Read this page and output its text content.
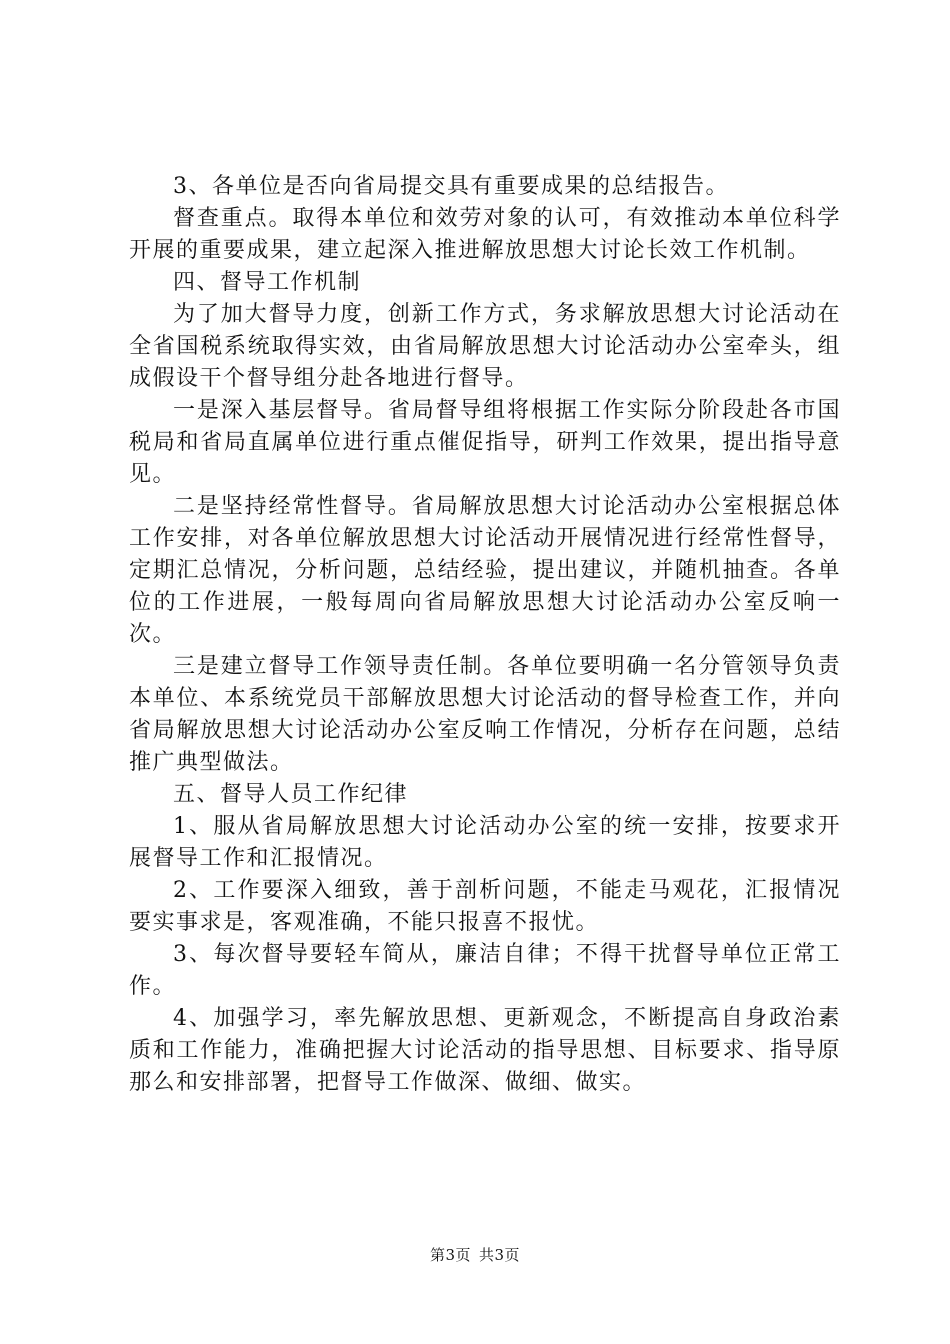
3、各单位是否向省局提交具有重要成果的总结报告。

督查重点。取得本单位和效劳对象的认可，有效推动本单位科学开展的重要成果，建立起深入推进解放思想大讨论长效工作机制。

四、督导工作机制

为了加大督导力度，创新工作方式，务求解放思想大讨论活动在全省国税系统取得实效，由省局解放思想大讨论活动办公室牵头，组成假设干个督导组分赴各地进行督导。

一是深入基层督导。省局督导组将根据工作实际分阶段赴各市国税局和省局直属单位进行重点催促指导，研判工作效果，提出指导意见。

二是坚持经常性督导。省局解放思想大讨论活动办公室根据总体工作安排，对各单位解放思想大讨论活动开展情况进行经常性督导，定期汇总情况，分析问题，总结经验，提出建议，并随机抽查。各单位的工作进展，一般每周向省局解放思想大讨论活动办公室反响一次。

三是建立督导工作领导责任制。各单位要明确一名分管领导负责本单位、本系统党员干部解放思想大讨论活动的督导检查工作，并向省局解放思想大讨论活动办公室反响工作情况，分析存在问题，总结推广典型做法。

五、督导人员工作纪律

1、服从省局解放思想大讨论活动办公室的统一安排，按要求开展督导工作和汇报情况。

2、工作要深入细致，善于剖析问题，不能走马观花，汇报情况要实事求是，客观准确，不能只报喜不报忧。

3、每次督导要轻车简从，廉洁自律；不得干扰督导单位正常工作。

4、加强学习，率先解放思想、更新观念，不断提高自身政治素质和工作能力，准确把握大讨论活动的指导思想、目标要求、指导原那么和安排部署，把督导工作做深、做细、做实。

第3页 共3页
